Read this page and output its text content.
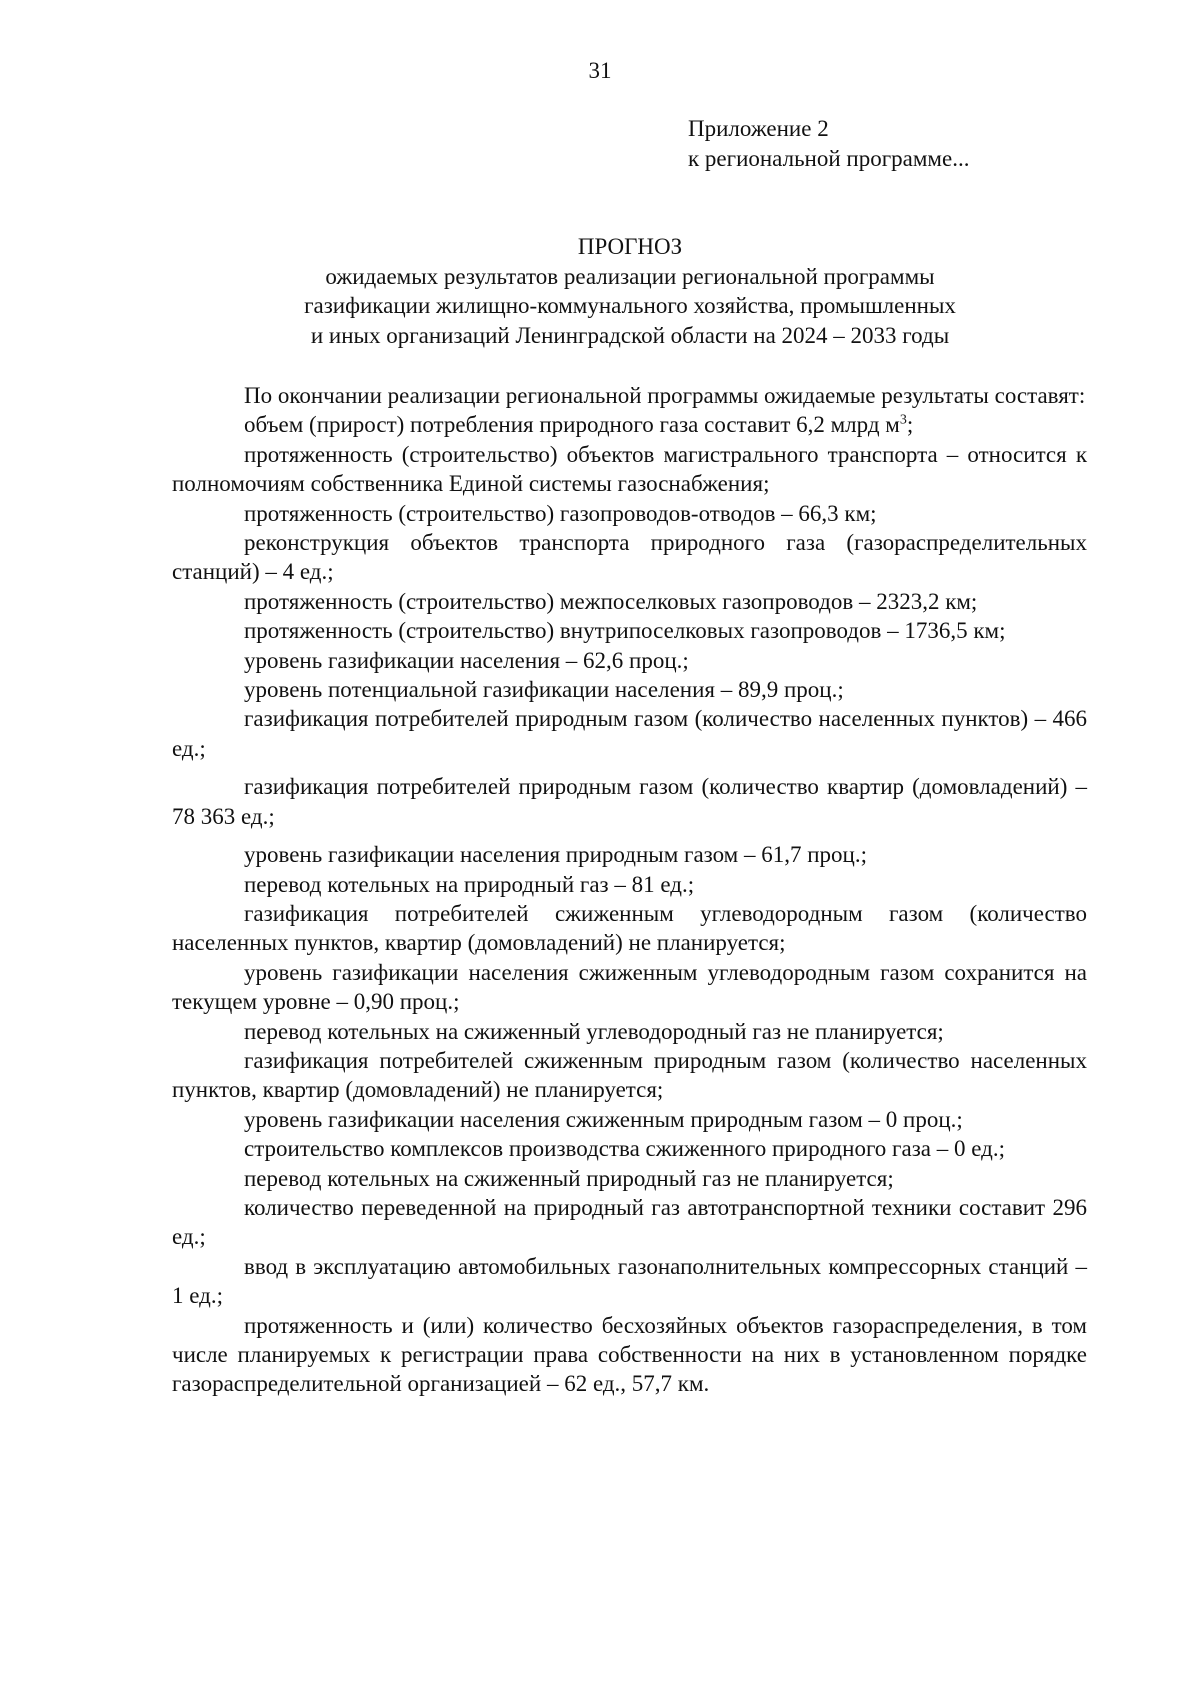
31
Приложение 2
к региональной программе...
ПРОГНОЗ
ожидаемых результатов реализации региональной программы
газификации жилищно-коммунального хозяйства, промышленных
и иных организаций Ленинградской области на 2024 – 2033 годы

По окончании реализации региональной программы ожидаемые результаты составят:

объем (прирост) потребления природного газа составит 6,2 млрд $м^3$;

протяженность (строительство) объектов магистрального транспорта – относится к полномочиям собственника Единой системы газоснабжения;

протяженность (строительство) газопроводов-отводов – 66,3 км;

реконструкция объектов транспорта природного газа (газораспределительных станций) – 4 ед.;

протяженность (строительство) межпоселковых газопроводов – 2323,2 км;

протяженность (строительство) внутрипоселковых газопроводов – 1736,5 км;

уровень газификации населения – 62,6 проц.;

уровень потенциальной газификации населения – 89,9 проц.;

газификация потребителей природным газом (количество населенных пунктов) – 466 ед.;

газификация потребителей природным газом (количество квартир (домовладений) – 78 363 ед.;

уровень газификации населения природным газом – 61,7 проц.;

перевод котельных на природный газ – 81 ед.;

газификация потребителей сжиженным углеводородным газом (количество населенных пунктов, квартир (домовладений) не планируется;

уровень газификации населения сжиженным углеводородным газом сохранится на текущем уровне – 0,90 проц.;

перевод котельных на сжиженный углеводородный газ не планируется;

газификация потребителей сжиженным природным газом (количество населенных пунктов, квартир (домовладений) не планируется;

уровень газификации населения сжиженным природным газом – 0 проц.;

строительство комплексов производства сжиженного природного газа – 0 ед.;

перевод котельных на сжиженный природный газ не планируется;

количество переведенной на природный газ автотранспортной техники составит 296 ед.;

ввод в эксплуатацию автомобильных газонаполнительных компрессорных станций – 1 ед.;

протяженность и (или) количество бесхозяйных объектов газораспределения, в том числе планируемых к регистрации права собственности на них в установленном порядке газораспределительной организацией – 62 ед., 57,7 км.
